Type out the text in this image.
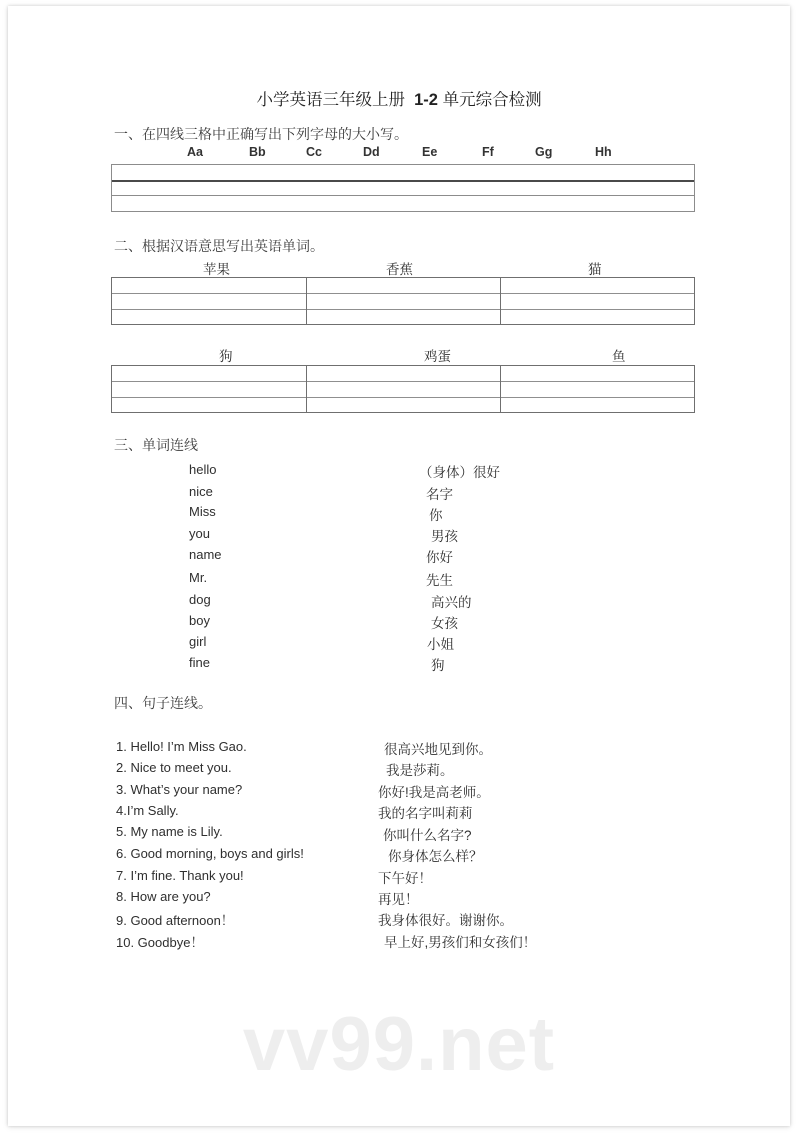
vv99.net
小学英语三年级上册 1-2 单元综合检测
一、在四线三格中正确写出下列字母的大小写。
Aa	Bb	Cc	Dd	Ee	Ff	Gg	Hh
二、根据汉语意思写出英语单词。
苹果	香蕉	猫
狗	鸡蛋	鱼
三、单词连线
hello
nice
Miss
you
name
Mr.
dog
boy
girl
fine
（身体）很好
名字
你
男孩
你好
先生
高兴的
女孩
小姐
狗
四、句子连线。
1. Hello! I’m Miss Gao.
2. Nice to meet you.
3. What’s your name?
4.I’m Sally.
5. My name is Lily.
6. Good morning, boys and girls!
7. I’m fine. Thank you!
8. How are you?
9. Good afternoon！
10. Goodbye！
很高兴地见到你。
我是莎莉。
你好!我是高老师。
我的名字叫莉莉
你叫什么名字?
你身体怎么样？
下午好！
再见！
我身体很好。谢谢你。
早上好,男孩们和女孩们！
